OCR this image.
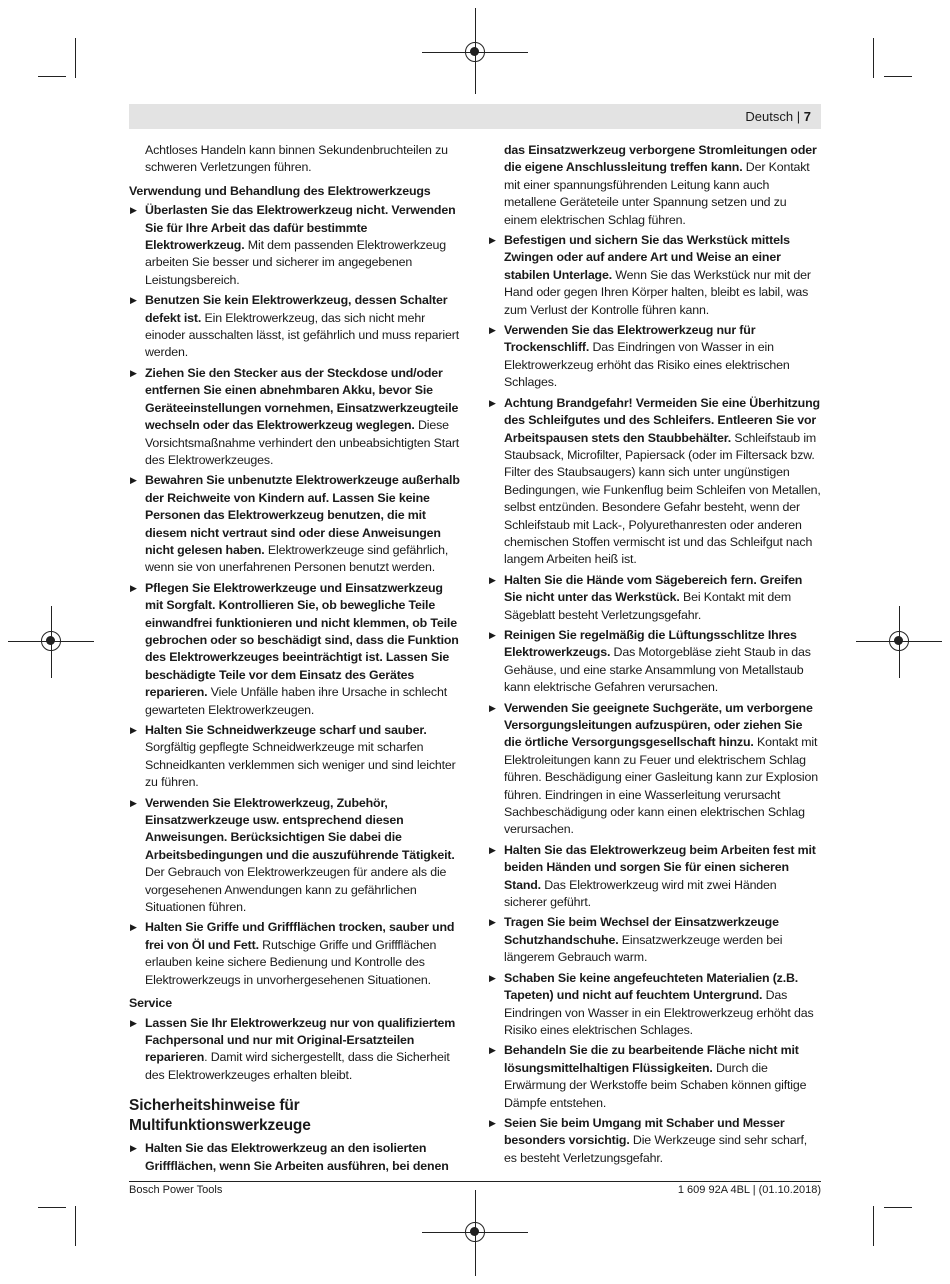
Deutsch | 7

Achtloses Handeln kann binnen Sekundenbruchteilen zu schweren Verletzungen führen.

Verwendung und Behandlung des Elektrowerkzeugs

▶ Überlasten Sie das Elektrowerkzeug nicht. Verwenden Sie für Ihre Arbeit das dafür bestimmte Elektrowerkzeug. Mit dem passenden Elektrowerkzeug arbeiten Sie besser und sicherer im angegebenen Leistungsbereich.

▶ Benutzen Sie kein Elektrowerkzeug, dessen Schalter defekt ist. Ein Elektrowerkzeug, das sich nicht mehr einoder ausschalten lässt, ist gefährlich und muss repariert werden.

▶ Ziehen Sie den Stecker aus der Steckdose und/oder entfernen Sie einen abnehmbaren Akku, bevor Sie Geräteeinstellungen vornehmen, Einsatzwerkzeugteile wechseln oder das Elektrowerkzeug weglegen. Diese Vorsichtsmaßnahme verhindert den unbeabsichtigten Start des Elektrowerkzeuges.

▶ Bewahren Sie unbenutzte Elektrowerkzeuge außerhalb der Reichweite von Kindern auf. Lassen Sie keine Personen das Elektrowerkzeug benutzen, die mit diesem nicht vertraut sind oder diese Anweisungen nicht gelesen haben. Elektrowerkzeuge sind gefährlich, wenn sie von unerfahrenen Personen benutzt werden.

▶ Pflegen Sie Elektrowerkzeuge und Einsatzwerkzeug mit Sorgfalt. Kontrollieren Sie, ob bewegliche Teile einwandfrei funktionieren und nicht klemmen, ob Teile gebrochen oder so beschädigt sind, dass die Funktion des Elektrowerkzeuges beeinträchtigt ist. Lassen Sie beschädigte Teile vor dem Einsatz des Gerätes reparieren. Viele Unfälle haben ihre Ursache in schlecht gewarteten Elektrowerkzeugen.

▶ Halten Sie Schneidwerkzeuge scharf und sauber. Sorgfältig gepflegte Schneidwerkzeuge mit scharfen Schneidkanten verklemmen sich weniger und sind leichter zu führen.

▶ Verwenden Sie Elektrowerkzeug, Zubehör, Einsatzwerkzeuge usw. entsprechend diesen Anweisungen. Berücksichtigen Sie dabei die Arbeitsbedingungen und die auszuführende Tätigkeit. Der Gebrauch von Elektrowerkzeugen für andere als die vorgesehenen Anwendungen kann zu gefährlichen Situationen führen.

▶ Halten Sie Griffe und Griffflächen trocken, sauber und frei von Öl und Fett. Rutschige Griffe und Griffflächen erlauben keine sichere Bedienung und Kontrolle des Elektrowerkzeugs in unvorhergesehenen Situationen.

Service

▶ Lassen Sie Ihr Elektrowerkzeug nur von qualifiziertem Fachpersonal und nur mit Original-Ersatzteilen reparieren. Damit wird sichergestellt, dass die Sicherheit des Elektrowerkzeuges erhalten bleibt.

Sicherheitshinweise für Multifunktionswerkzeuge

▶ Halten Sie das Elektrowerkzeug an den isolierten Griffflächen, wenn Sie Arbeiten ausführen, bei denen

das Einsatzwerkzeug verborgene Stromleitungen oder die eigene Anschlussleitung treffen kann. Der Kontakt mit einer spannungsführenden Leitung kann auch metallene Geräteteile unter Spannung setzen und zu einem elektrischen Schlag führen.

▶ Befestigen und sichern Sie das Werkstück mittels Zwingen oder auf andere Art und Weise an einer stabilen Unterlage. Wenn Sie das Werkstück nur mit der Hand oder gegen Ihren Körper halten, bleibt es labil, was zum Verlust der Kontrolle führen kann.

▶ Verwenden Sie das Elektrowerkzeug nur für Trockenschliff. Das Eindringen von Wasser in ein Elektrowerkzeug erhöht das Risiko eines elektrischen Schlages.

▶ Achtung Brandgefahr! Vermeiden Sie eine Überhitzung des Schleifgutes und des Schleifers. Entleeren Sie vor Arbeitspausen stets den Staubbehälter. Schleifstaub im Staubsack, Microfilter, Papiersack (oder im Filtersack bzw. Filter des Staubsaugers) kann sich unter ungünstigen Bedingungen, wie Funkenflug beim Schleifen von Metallen, selbst entzünden. Besondere Gefahr besteht, wenn der Schleifstaub mit Lack-, Polyurethanresten oder anderen chemischen Stoffen vermischt ist und das Schleifgut nach langem Arbeiten heiß ist.

▶ Halten Sie die Hände vom Sägebereich fern. Greifen Sie nicht unter das Werkstück. Bei Kontakt mit dem Sägeblatt besteht Verletzungsgefahr.

▶ Reinigen Sie regelmäßig die Lüftungsschlitze Ihres Elektrowerkzeugs. Das Motorgebläse zieht Staub in das Gehäuse, und eine starke Ansammlung von Metallstaub kann elektrische Gefahren verursachen.

▶ Verwenden Sie geeignete Suchgeräte, um verborgene Versorgungsleitungen aufzuspüren, oder ziehen Sie die örtliche Versorgungsgesellschaft hinzu. Kontakt mit Elektroleitungen kann zu Feuer und elektrischem Schlag führen. Beschädigung einer Gasleitung kann zur Explosion führen. Eindringen in eine Wasserleitung verursacht Sachbeschädigung oder kann einen elektrischen Schlag verursachen.

▶ Halten Sie das Elektrowerkzeug beim Arbeiten fest mit beiden Händen und sorgen Sie für einen sicheren Stand. Das Elektrowerkzeug wird mit zwei Händen sicherer geführt.

▶ Tragen Sie beim Wechsel der Einsatzwerkzeuge Schutzhandschuhe. Einsatzwerkzeuge werden bei längerem Gebrauch warm.

▶ Schaben Sie keine angefeuchteten Materialien (z.B. Tapeten) und nicht auf feuchtem Untergrund. Das Eindringen von Wasser in ein Elektrowerkzeug erhöht das Risiko eines elektrischen Schlages.

▶ Behandeln Sie die zu bearbeitende Fläche nicht mit lösungsmittelhaltigen Flüssigkeiten. Durch die Erwärmung der Werkstoffe beim Schaben können giftige Dämpfe entstehen.

▶ Seien Sie beim Umgang mit Schaber und Messer besonders vorsichtig. Die Werkzeuge sind sehr scharf, es besteht Verletzungsgefahr.

Bosch Power Tools	1 609 92A 4BL | (01.10.2018)
